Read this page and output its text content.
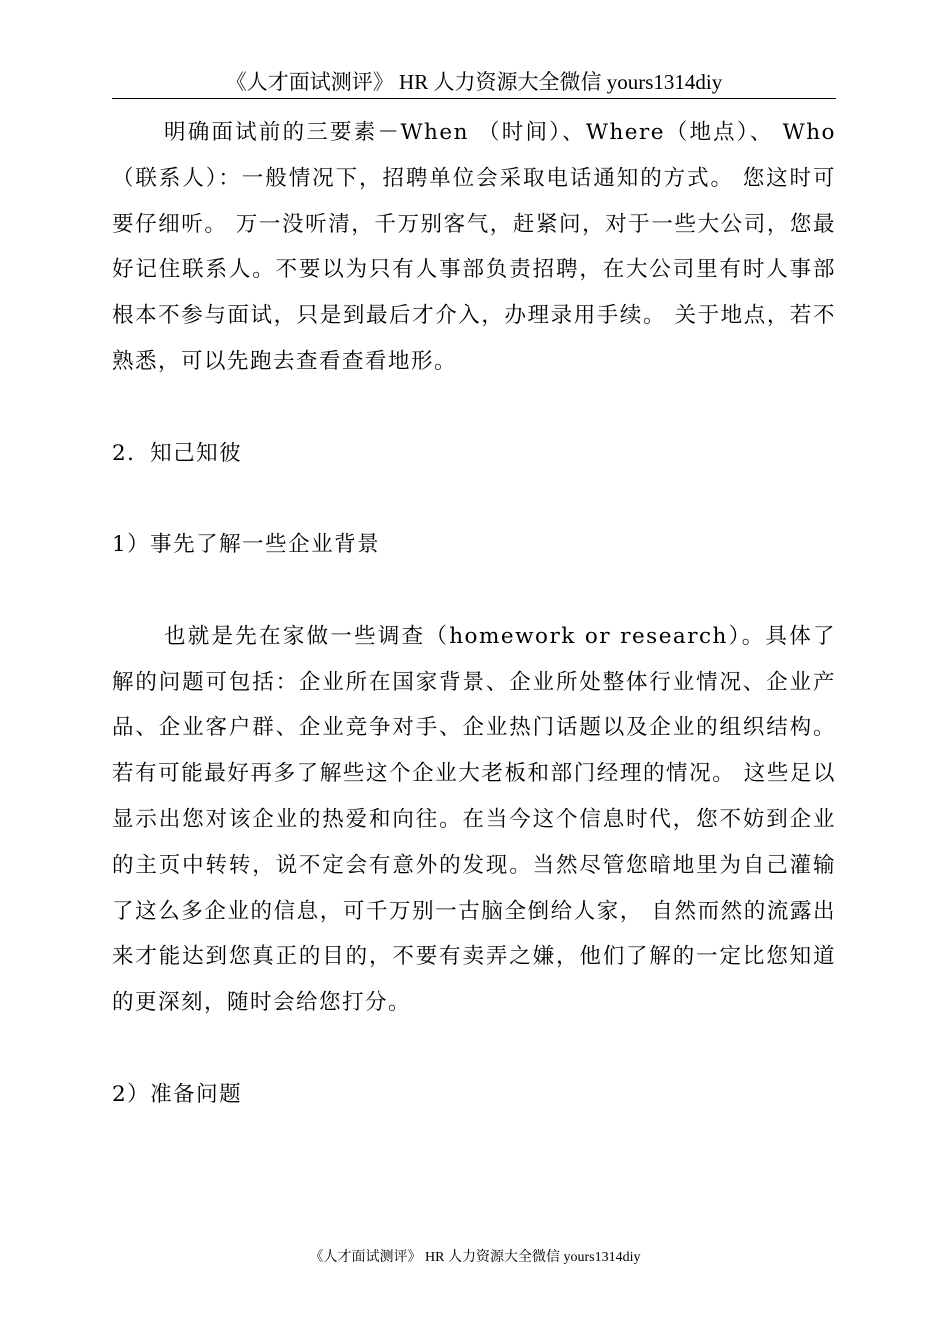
《人才面试测评》 HR 人力资源大全微信 yours1314diy

明确面试前的三要素－When （时间）、Where（地点）、 Who（联系人）：一般情况下，招聘单位会采取电话通知的方式。 您这时可要仔细听。 万一没听清，千万别客气，赶紧问，对于一些大公司，您最好记住联系人。不要以为只有人事部负责招聘，在大公司里有时人事部根本不参与面试，只是到最后才介入，办理录用手续。 关于地点，若不熟悉，可以先跑去查看查看地形。

2．知己知彼

1）事先了解一些企业背景

也就是先在家做一些调查（homework or research）。具体了解的问题可包括：企业所在国家背景、企业所处整体行业情况、企业产品、企业客户群、企业竞争对手、企业热门话题以及企业的组织结构。 若有可能最好再多了解些这个企业大老板和部门经理的情况。 这些足以显示出您对该企业的热爱和向往。在当今这个信息时代，您不妨到企业的主页中转转，说不定会有意外的发现。当然尽管您暗地里为自己灌输了这么多企业的信息，可千万别一古脑全倒给人家， 自然而然的流露出来才能达到您真正的目的，不要有卖弄之嫌，他们了解的一定比您知道的更深刻，随时会给您打分。

2）准备问题

《人才面试测评》 HR 人力资源大全微信 yours1314diy
